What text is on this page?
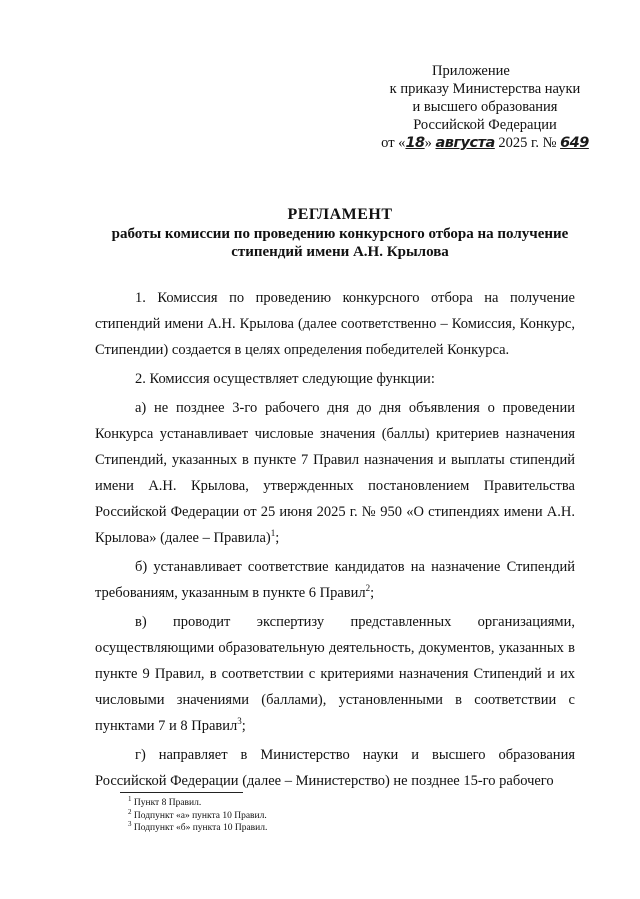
Приложение
к приказу Министерства науки
и высшего образования
Российской Федерации
от «18» августа 2025 г. № 649
РЕГЛАМЕНТ
работы комиссии по проведению конкурсного отбора на получение
стипендий имени А.Н. Крылова

1. Комиссия по проведению конкурсного отбора на получение стипендий имени А.Н. Крылова (далее соответственно – Комиссия, Конкурс, Стипендии) создается в целях определения победителей Конкурса.

2. Комиссия осуществляет следующие функции:

а) не позднее 3-го рабочего дня до дня объявления о проведении Конкурса устанавливает числовые значения (баллы) критериев назначения Стипендий, указанных в пункте 7 Правил назначения и выплаты стипендий имени А.Н. Крылова, утвержденных постановлением Правительства Российской Федерации от 25 июня 2025 г. № 950 «О стипендиях имени А.Н. Крылова» (далее – Правила)$^1$;

б) устанавливает соответствие кандидатов на назначение Стипендий требованиям, указанным в пункте 6 Правил$^2$;

в) проводит экспертизу представленных организациями, осуществляющими образовательную деятельность, документов, указанных в пункте 9 Правил, в соответствии с критериями назначения Стипендий и их числовыми значениями (баллами), установленными в соответствии с пунктами 7 и 8 Правил$^3$;

г) направляет в Министерство науки и высшего образования Российской Федерации (далее – Министерство) не позднее 15-го рабочего

$^1$ Пункт 8 Правил.
$^2$ Подпункт «а» пункта 10 Правил.
$^3$ Подпункт «б» пункта 10 Правил.
